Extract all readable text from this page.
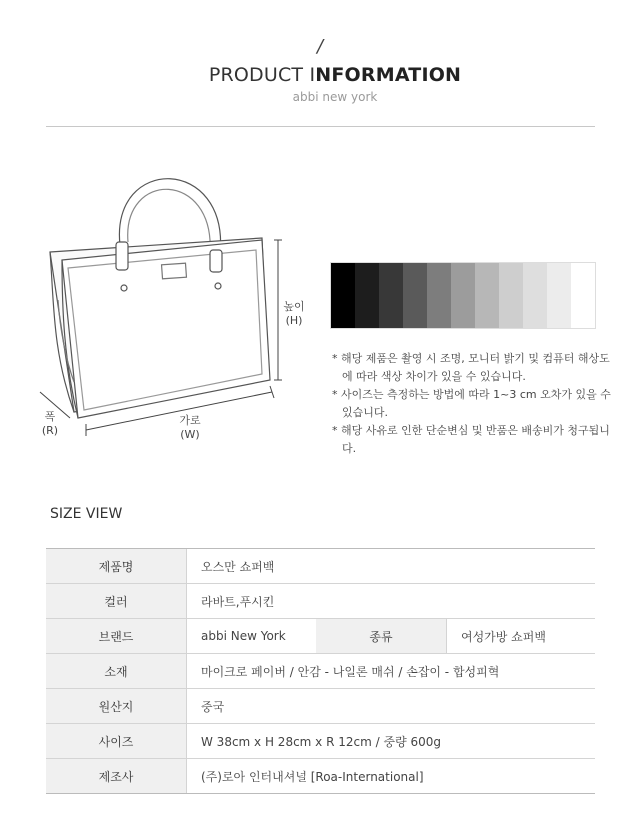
/
PRODUCT INFORMATION
abbi new york
높이
(H)
가로
(W)
폭
(R)
* 해당 제품은 촬영 시 조명, 모니터 밝기 및 컴퓨터 해상도에 따라 색상 차이가 있을 수 있습니다.
* 사이즈는 측정하는 방법에 따라 1~3 cm 오차가 있을 수 있습니다.
* 해당 사유로 인한 단순변심 및 반품은 배송비가 청구됩니다.
SIZE VIEW
제품명	오스만 쇼퍼백		
컬러	라바트,푸시킨		
브랜드	abbi New York	종류	여성가방 쇼퍼백
소재	마이크로 페이버 / 안감 - 나일론 매쉬 / 손잡이 - 합성피혁		
원산지	중국		
사이즈	W 38cm x H 28cm x R 12cm / 중량 600g		
제조사	(주)로아 인터내셔널 [Roa-International]		
